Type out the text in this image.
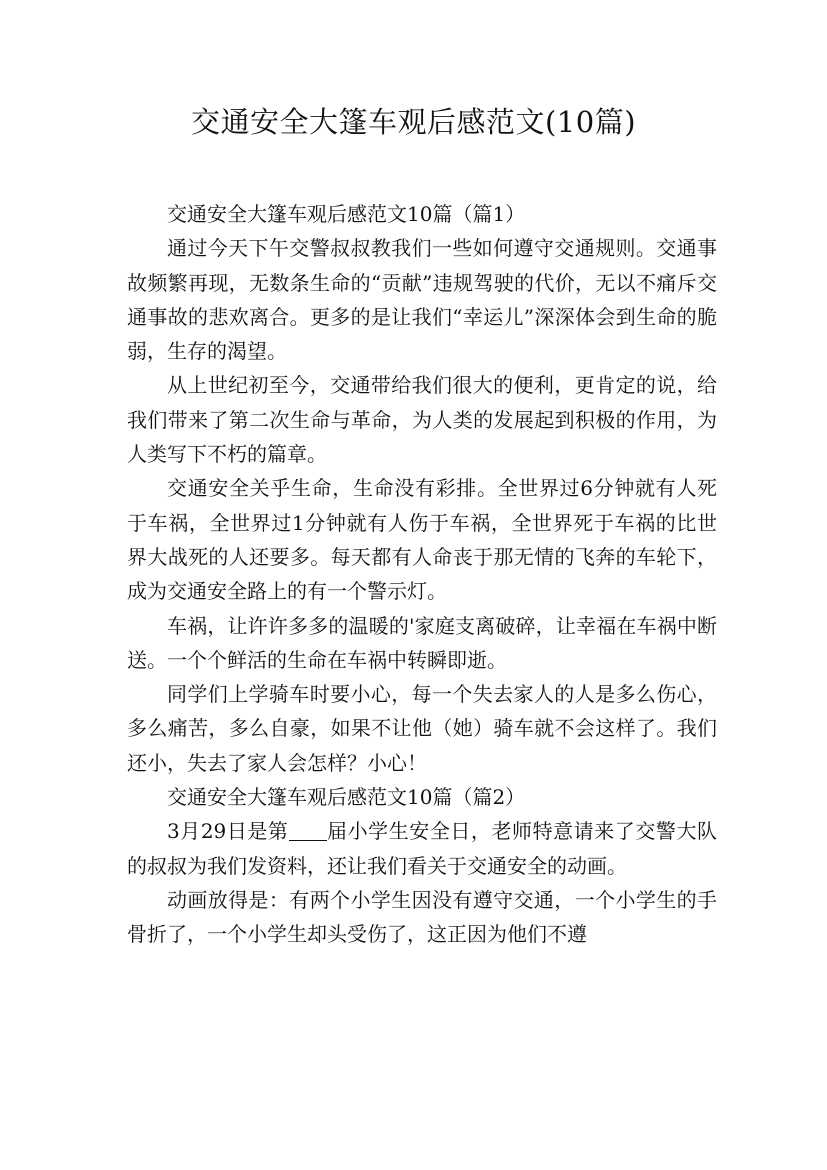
交通安全大篷车观后感范文(10篇)

交通安全大篷车观后感范文10篇（篇1）

通过今天下午交警叔叔教我们一些如何遵守交通规则。交通事故频繁再现，无数条生命的“贡献”违规驾驶的代价，无以不痛斥交通事故的悲欢离合。更多的是让我们“幸运儿”深深体会到生命的脆弱，生存的渴望。

从上世纪初至今，交通带给我们很大的便利，更肯定的说，给我们带来了第二次生命与革命，为人类的发展起到积极的作用，为人类写下不朽的篇章。

交通安全关乎生命，生命没有彩排。全世界过6分钟就有人死于车祸，全世界过1分钟就有人伤于车祸，全世界死于车祸的比世界大战死的人还要多。每天都有人命丧于那无情的飞奔的车轮下，成为交通安全路上的有一个警示灯。

车祸，让许许多多的温暖的'家庭支离破碎，让幸福在车祸中断送。一个个鲜活的生命在车祸中转瞬即逝。

同学们上学骑车时要小心，每一个失去家人的人是多么伤心，多么痛苦，多么自豪，如果不让他（她）骑车就不会这样了。我们还小，失去了家人会怎样？小心！

交通安全大篷车观后感范文10篇（篇2）

3月29日是第 届小学生安全日，老师特意请来了交警大队的叔叔为我们发资料，还让我们看关于交通安全的动画。

动画放得是：有两个小学生因没有遵守交通，一个小学生的手骨折了，一个小学生却头受伤了，这正因为他们不遵
